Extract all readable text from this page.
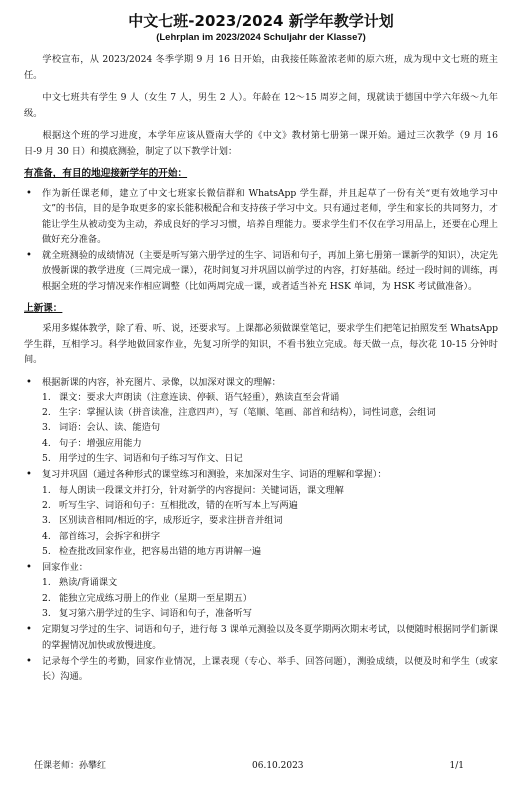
中文七班-2023/2024 新学年教学计划
(Lehrplan im 2023/2024 Schuljahr der Klasse7)

学校宣布，从 2023/2024 冬季学期 9 月 16 日开始，由我接任陈盈浓老师的原六班，成为现中文七班的班主任。

中文七班共有学生 9 人（女生 7 人，男生 2 人）。年龄在 12～15 周岁之间，现就读于德国中学六年级～九年级。

根据这个班的学习进度，本学年应该从暨南大学的《中文》教材第七册第一课开始。通过三次教学（9 月 16 日-9 月 30 日）和摸底测验，制定了以下教学计划：

有准备，有目的地迎接新学年的开始：
• 作为新任课老师，建立了中文七班家长微信群和 WhatsApp 学生群，并且起草了一份有关“更有效地学习中文”的书信，目的是争取更多的家长能积极配合和支持孩子学习中文。只有通过老师，学生和家长的共同努力，才能让学生从被动变为主动，养成良好的学习习惯，培养自理能力。要求学生们不仅在学习用品上，还要在心理上做好充分准备。
• 就全班测验的成绩情况（主要是听写第六册学过的生字、词语和句子，再加上第七册第一课新学的知识），决定先放慢新课的教学进度（三周完成一课），花时间复习并巩固以前学过的内容，打好基础。经过一段时间的训练，再根据全班的学习情况来作相应调整（比如两周完成一课，或者适当补充 HSK 单词，为 HSK 考试做准备）。
上新课：

采用多媒体教学，除了看、听、说，还要求写。上课都必须做课堂笔记，要求学生们把笔记拍照发至 WhatsApp 学生群，互相学习。科学地做回家作业，先复习所学的知识，不看书独立完成。每天做一点，每次花 10-15 分钟时间。

• 根据新课的内容，补充图片、录像，以加深对课文的理解：
1. 课文：要求大声朗读（注意连读、停顿、语气轻重），熟读直至会背诵
2. 生字：掌握认读（拼音读准，注意四声），写（笔顺、笔画、部首和结构），词性词意，会组词
3. 词语：会认、读、能造句
4. 句子：增强应用能力
5. 用学过的生字、词语和句子练习写作文、日记
• 复习并巩固（通过各种形式的课堂练习和测验，来加深对生字、词语的理解和掌握）：
1. 每人朗读一段课文并打分，针对新学的内容提问：关键词语，课文理解
2. 听写生字、词语和句子：互相批改，错的在听写本上写两遍
3. 区别读音相同/相近的字，成形近字，要求注拼音并组词
4. 部首练习，会拆字和拼字
5. 检查批改回家作业，把容易出错的地方再讲解一遍
• 回家作业：
1. 熟读/背诵课文
2. 能独立完成练习册上的作业（星期一至星期五）
3. 复习第六册学过的生字、词语和句子，准备听写
• 定期复习学过的生字、词语和句子，进行每 3 课单元测验以及冬夏学期两次期末考试，以便随时根据同学们新课的掌握情况加快或放慢进度。
• 记录每个学生的考勤，回家作业情况，上课表现（专心、举手、回答问题），测验成绩，以便及时和学生（或家长）沟通。
任课老师：孙攀红	06.10.2023	1/1
